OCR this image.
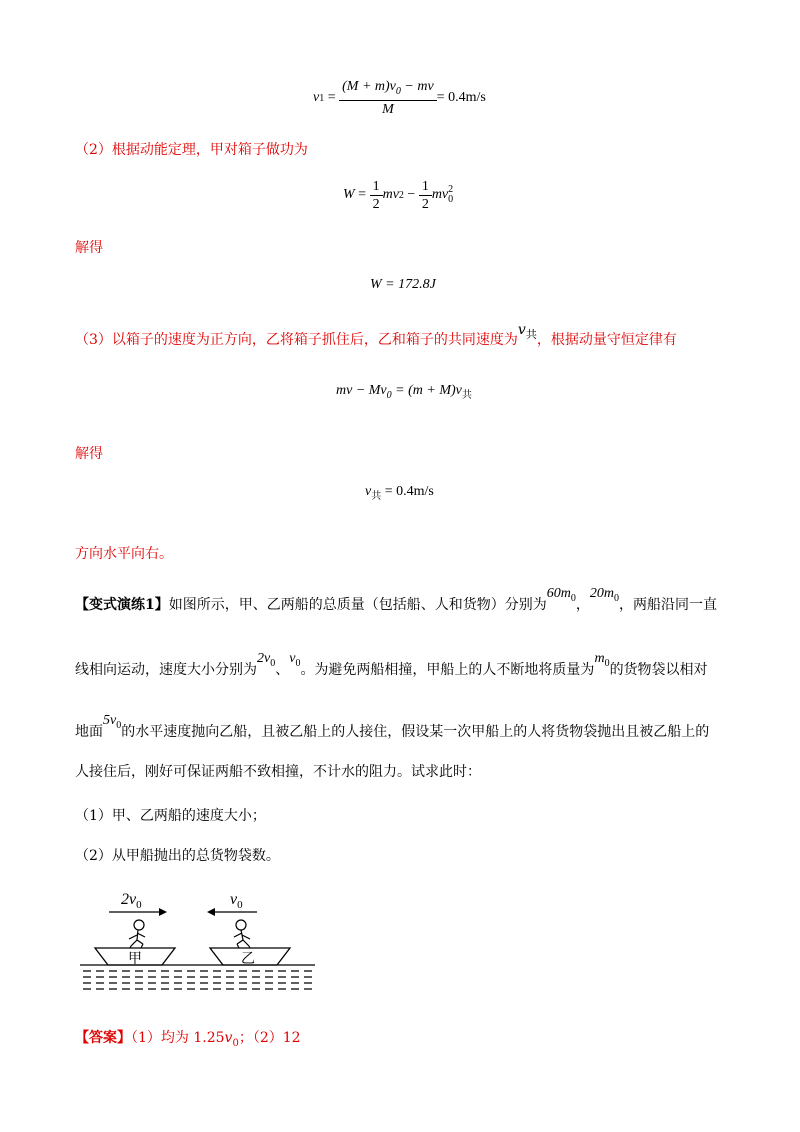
v $1 = \frac{(M + m)v_0 - mv}{M} = 0.4m/s$
（2）根据动能定理，甲对箱子做功为
$W = \frac{1}{2}$ mv $2 - \frac{1}{2}$ mv 2
0
解得
W = 172.8J
（3）以箱子的速度为正方向，乙将箱子抓住后，乙和箱子的共同速度为$v_共$，根据动量守恒定律有
mv − $Mv_0 = (m + M)v_共$
解得
$v_共 = 0.4m/s$
方向水平向右。
【变式演练1】如图所示，甲、乙两船的总质量（包括船、人和货物）分别为$60m_0$，$20m_0$，两船沿同一直
线相向运动，速度大小分别为$2v_0$、$v_0$。为避免两船相撞，甲船上的人不断地将质量为$m_0$的货物袋以相对
地面$5v_0$的水平速度抛向乙船，且被乙船上的人接住，假设某一次甲船上的人将货物袋抛出且被乙船上的
人接住后，刚好可保证两船不致相撞，不计水的阻力。试求此时：
（1）甲、乙两船的速度大小；
（2）从甲船抛出的总货物袋数。
$2v_0$	$v_0$
甲	乙
【答案】（1）均为 $1.25v_0$；（2）12
